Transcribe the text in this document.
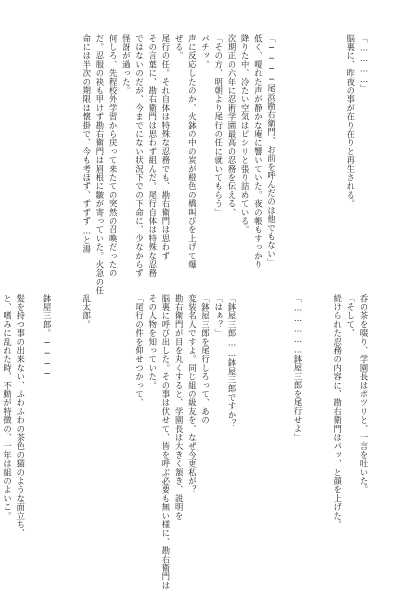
「…………」
脳裏に、昨夜の事が在り在りと再生される。

「────尾浜勘右衛門、お前を呼んだのは他でもない」
低く、嗄れた声が静かな庵に響いていた。夜の帳もすっかり
降りた中、冷たい空気はピシリと張り詰めている。
次期正の六年に忍術学園最高の忍務を伝える、
「その方、明朝より尾行の任に就いてもらう」
パチッ。
声に反応したのか、火鉢の中の炭が橙色の橋叫びを上げて爆
ぜる。
尾行の任。それ自体は特殊な忍務でも、勘右衛門は思わず
その言葉に、勘右衛門は思わず組んだ。尾行自体は特殊な忍務
ではないのだが、今までにない状況下での下命に、少なからず
怪訝が過った。
何しろ、先程校外学習から戻って来たての突然の召喚だったの
だ。忍服の袂も甲けず勘右衛門は眉根に皺が寄っていた。火急の任
命には半次の期限は懐掛で、今も考ほず、ずずず…と湯
呑の茶を啜り、学園長はポツリと、一言を吐いた。
「そして、
続けられた忍務の内容に、勘右衛門はパッ、と顔を上げた。

「……………鉢屋三郎を尾行せよ」

「鉢屋三郎……鉢屋三郎ですか？
「はぁ？」
「鉢屋三郎を尾行しろって、あの
変装名人ですよ。同じ組の級友を、なぜ今更私が？
勘右衛門が目を丸くすると、学園長は大きく頷き、説明を
脳裏に呼び出した。その事は伏せて、皆を呼ぶ必要も無い様に、勘右衛門は
その人物を知っていた。
「尾行の件を仰せつかって、

乱太郎。

鉢屋三郎。────

髪を持つ事の出来ない、ふわふわの茶色の猫のような面立ち、
と、嗜みに乱れた時、不動が特徴の、一年は組のよいこ。
